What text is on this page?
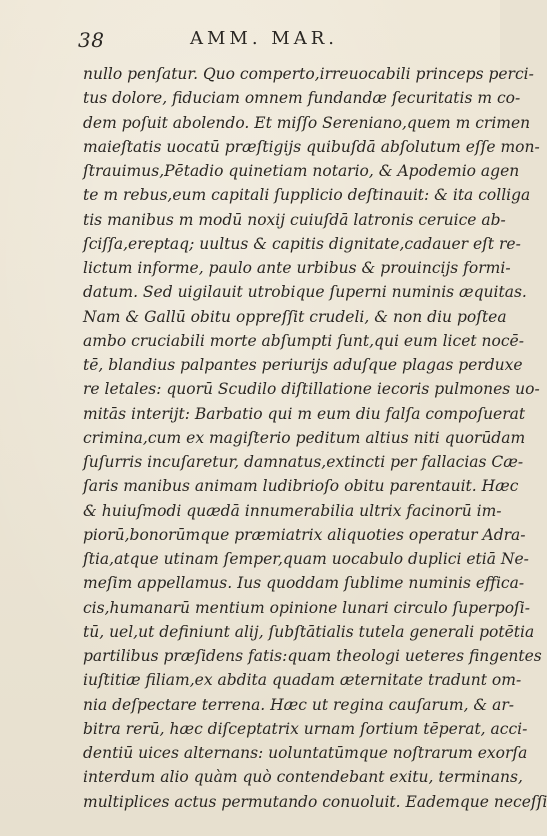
38	AMM. MAR.
nullo penſatur. Quo comperto,irreuocabili princeps perci-
tus dolore, fiduciam omnem fundandæ ſecuritatis m co-
dem poſuit abolendo. Et miſſo Sereniano,quem m crimen
maieſtatis uocatū præſtigijs quibuſdā abſolutum eſſe mon-
ſtrauimus,Pētadio quinetiam notario, & Apodemio agen
te m rebus,eum capitali ſupplicio deſtinauit: & ita colliga
tis manibus m modū noxij cuiuſdā latronis ceruice ab-
ſciſſa,ereptaq; uultus & capitis dignitate,cadauer eſt re-
lictum informe, paulo ante urbibus & prouincijs formi-
datum. Sed uigilauit utrobique ſuperni numinis æquitas.
Nam & Gallū obitu oppreſſit crudeli, & non diu poſtea
ambo cruciabili morte abſumpti ſunt,qui eum licet nocē-
tē, blandius palpantes periurijs aduſque plagas perduxe
re letales: quorū Scudilo diſtillatione iecoris pulmones uo-
mitās interijt: Barbatio qui m eum diu falſa compoſuerat
crimina,cum ex magiſterio peditum altius niti quorūdam
ſuſurris incuſaretur, damnatus,extincti per fallacias Cæ-
ſaris manibus animam ludibrioſo obitu parentauit. Hæc
& huiuſmodi quædā innumerabilia ultrix facinorū im-
piorū,bonorūmque præmiatrix aliquoties operatur Adra-
ſtia,atque utinam ſemper,quam uocabulo duplici etiā Ne-
meſim appellamus. Ius quoddam ſublime numinis effica-
cis,humanarū mentium opinione lunari circulo ſuperpoſi-
tū, uel,ut definiunt alij, ſubſtātialis tutela generali potētia
partilibus præſidens fatis:quam theologi ueteres fingentes
iuſtitiæ filiam,ex abdita quadam æternitate tradunt om-
nia deſpectare terrena. Hæc ut regina cauſarum, & ar-
bitra rerū, hæc diſceptatrix urnam ſortium tēperat, acci-
dentiū uices alternans: uoluntatūmque noſtrarum exorſa
interdum alio quàm quò contendebant exitu, terminans,
multiplices actus permutando conuoluit. Eademque neceſſi
